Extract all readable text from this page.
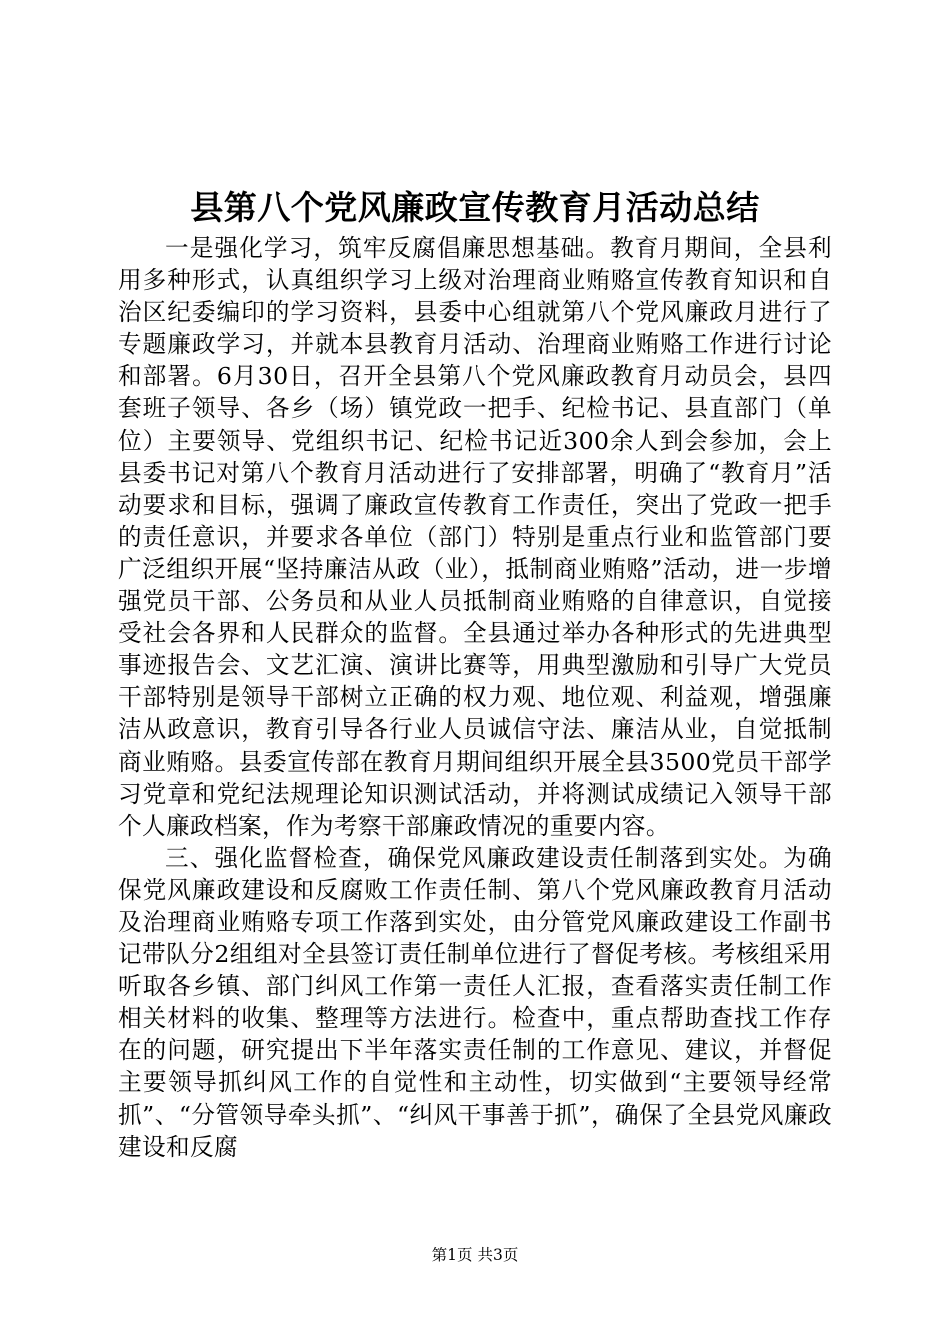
县第八个党风廉政宣传教育月活动总结

一是强化学习，筑牢反腐倡廉思想基础。教育月期间，全县利用多种形式，认真组织学习上级对治理商业贿赂宣传教育知识和自治区纪委编印的学习资料，县委中心组就第八个党风廉政月进行了专题廉政学习，并就本县教育月活动、治理商业贿赂工作进行讨论和部署。6月30日，召开全县第八个党风廉政教育月动员会，县四套班子领导、各乡（场）镇党政一把手、纪检书记、县直部门（单位）主要领导、党组织书记、纪检书记近300余人到会参加，会上县委书记对第八个教育月活动进行了安排部署，明确了“教育月”活动要求和目标，强调了廉政宣传教育工作责任，突出了党政一把手的责任意识，并要求各单位（部门）特别是重点行业和监管部门要广泛组织开展“坚持廉洁从政（业），抵制商业贿赂”活动，进一步增强党员干部、公务员和从业人员抵制商业贿赂的自律意识，自觉接受社会各界和人民群众的监督。全县通过举办各种形式的先进典型事迹报告会、文艺汇演、演讲比赛等，用典型激励和引导广大党员干部特别是领导干部树立正确的权力观、地位观、利益观，增强廉洁从政意识，教育引导各行业人员诚信守法、廉洁从业，自觉抵制商业贿赂。县委宣传部在教育月期间组织开展全县3500党员干部学习党章和党纪法规理论知识测试活动，并将测试成绩记入领导干部个人廉政档案，作为考察干部廉政情况的重要内容。

三、强化监督检查，确保党风廉政建设责任制落到实处。为确保党风廉政建设和反腐败工作责任制、第八个党风廉政教育月活动及治理商业贿赂专项工作落到实处，由分管党风廉政建设工作副书记带队分2组组对全县签订责任制单位进行了督促考核。考核组采用听取各乡镇、部门纠风工作第一责任人汇报，查看落实责任制工作相关材料的收集、整理等方法进行。检查中，重点帮助查找工作存在的问题，研究提出下半年落实责任制的工作意见、建议，并督促主要领导抓纠风工作的自觉性和主动性，切实做到“主要领导经常抓”、“分管领导牵头抓”、“纠风干事善于抓”，确保了全县党风廉政建设和反腐

第1页 共3页
